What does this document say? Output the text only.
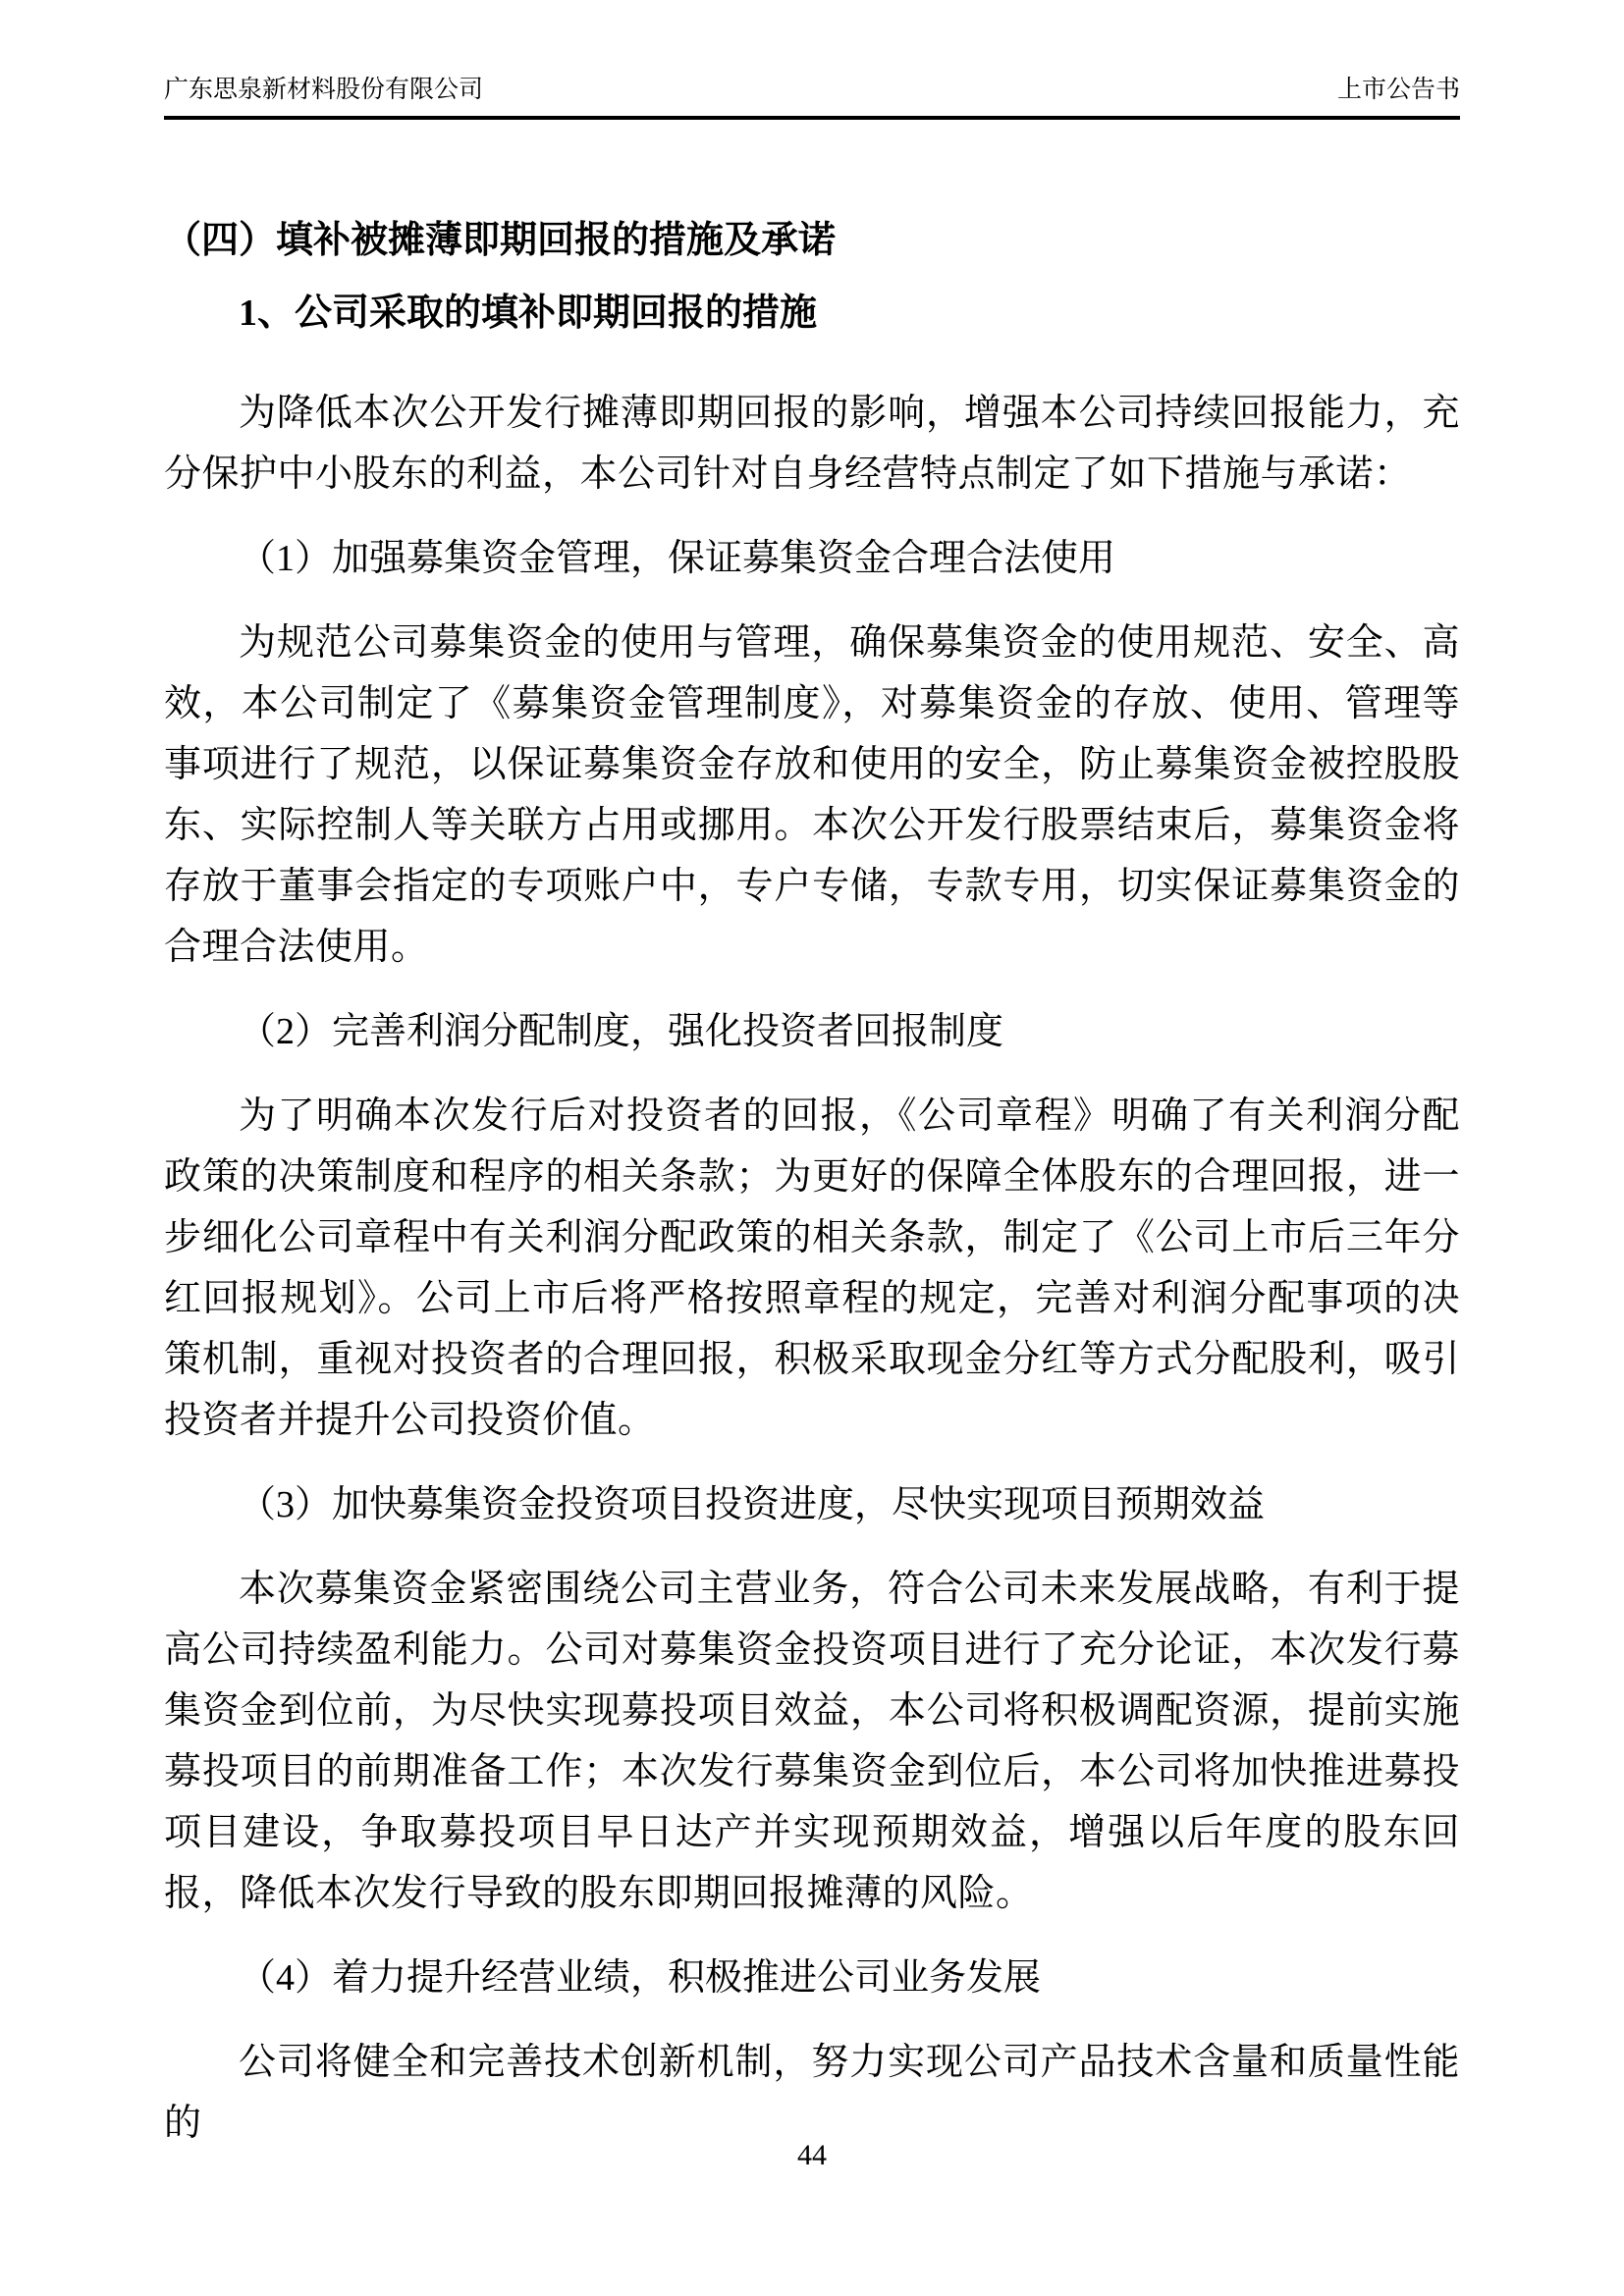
广东思泉新材料股份有限公司	上市公告书
（四）填补被摊薄即期回报的措施及承诺
1、公司采取的填补即期回报的措施

为降低本次公开发行摊薄即期回报的影响，增强本公司持续回报能力，充分保护中小股东的利益，本公司针对自身经营特点制定了如下措施与承诺：

（1）加强募集资金管理，保证募集资金合理合法使用

为规范公司募集资金的使用与管理，确保募集资金的使用规范、安全、高效，本公司制定了《募集资金管理制度》，对募集资金的存放、使用、管理等事项进行了规范，以保证募集资金存放和使用的安全，防止募集资金被控股股东、实际控制人等关联方占用或挪用。本次公开发行股票结束后，募集资金将存放于董事会指定的专项账户中，专户专储，专款专用，切实保证募集资金的合理合法使用。

（2）完善利润分配制度，强化投资者回报制度

为了明确本次发行后对投资者的回报，《公司章程》明确了有关利润分配政策的决策制度和程序的相关条款；为更好的保障全体股东的合理回报，进一步细化公司章程中有关利润分配政策的相关条款，制定了《公司上市后三年分红回报规划》。公司上市后将严格按照章程的规定，完善对利润分配事项的决策机制，重视对投资者的合理回报，积极采取现金分红等方式分配股利，吸引投资者并提升公司投资价值。

（3）加快募集资金投资项目投资进度，尽快实现项目预期效益

本次募集资金紧密围绕公司主营业务，符合公司未来发展战略，有利于提高公司持续盈利能力。公司对募集资金投资项目进行了充分论证，本次发行募集资金到位前，为尽快实现募投项目效益，本公司将积极调配资源，提前实施募投项目的前期准备工作；本次发行募集资金到位后，本公司将加快推进募投项目建设，争取募投项目早日达产并实现预期效益，增强以后年度的股东回报，降低本次发行导致的股东即期回报摊薄的风险。

（4）着力提升经营业绩，积极推进公司业务发展

公司将健全和完善技术创新机制，努力实现公司产品技术含量和质量性能的

44
